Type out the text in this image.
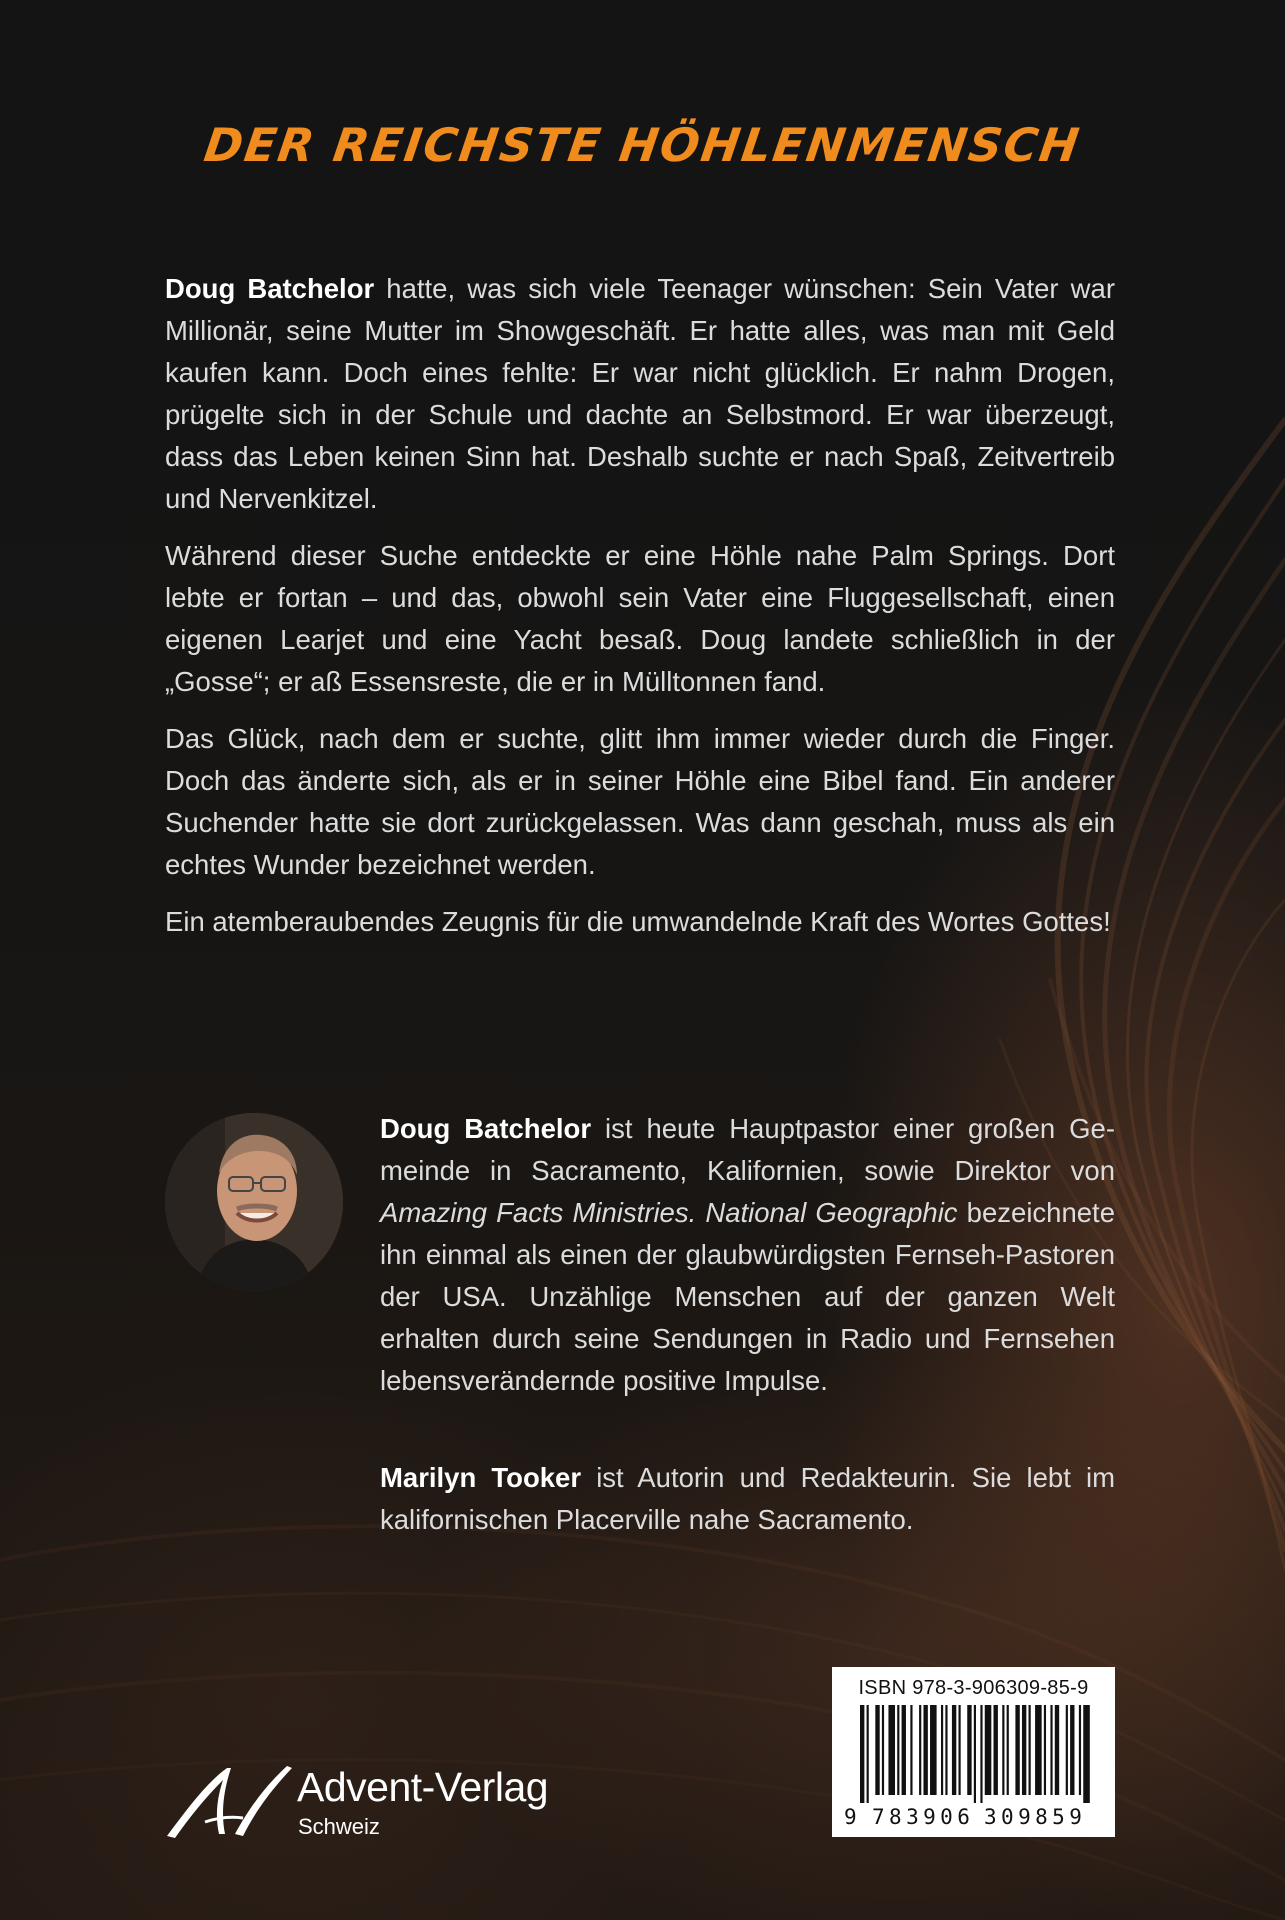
DER REICHSTE HÖHLENMENSCH

Doug Batchelor hatte, was sich viele Teenager wünschen: Sein Vater war Millionär, seine Mutter im Showgeschäft. Er hatte alles, was man mit Geld kaufen kann. Doch eines fehlte: Er war nicht glücklich. Er nahm Drogen, prügelte sich in der Schule und dachte an Selbstmord. Er war überzeugt, dass das Leben keinen Sinn hat. Deshalb suchte er nach Spaß, Zeitvertreib und Nervenkitzel.

Während dieser Suche entdeckte er eine Höhle nahe Palm Springs. Dort lebte er fortan – und das, obwohl sein Vater eine Fluggesellschaft, einen eigenen Learjet und eine Yacht besaß. Doug landete schließlich in der „Gosse“; er aß Essensreste, die er in Mülltonnen fand.

Das Glück, nach dem er suchte, glitt ihm immer wieder durch die Finger. Doch das änderte sich, als er in seiner Höhle eine Bibel fand. Ein anderer Suchender hatte sie dort zurückgelassen. Was dann geschah, muss als ein echtes Wunder bezeichnet werden.

Ein atemberaubendes Zeugnis für die umwandelnde Kraft des Wortes Gottes!

Doug Batchelor ist heute Hauptpastor einer großen Gemeinde in Sacramento, Kalifornien, sowie Direktor von Amazing Facts Ministries. National Geographic bezeichnete ihn einmal als einen der glaubwürdigsten Fernseh-Pastoren der USA. Unzählige Menschen auf der ganzen Welt erhalten durch seine Sendungen in Radio und Fernsehen lebensverändernde positive Impulse.

Marilyn Tooker ist Autorin und Redakteurin. Sie lebt im kalifornischen Placerville nahe Sacramento.
Advent-Verlag
Schweiz
ISBN 978-3-906309-85-9
9 783906 309859
